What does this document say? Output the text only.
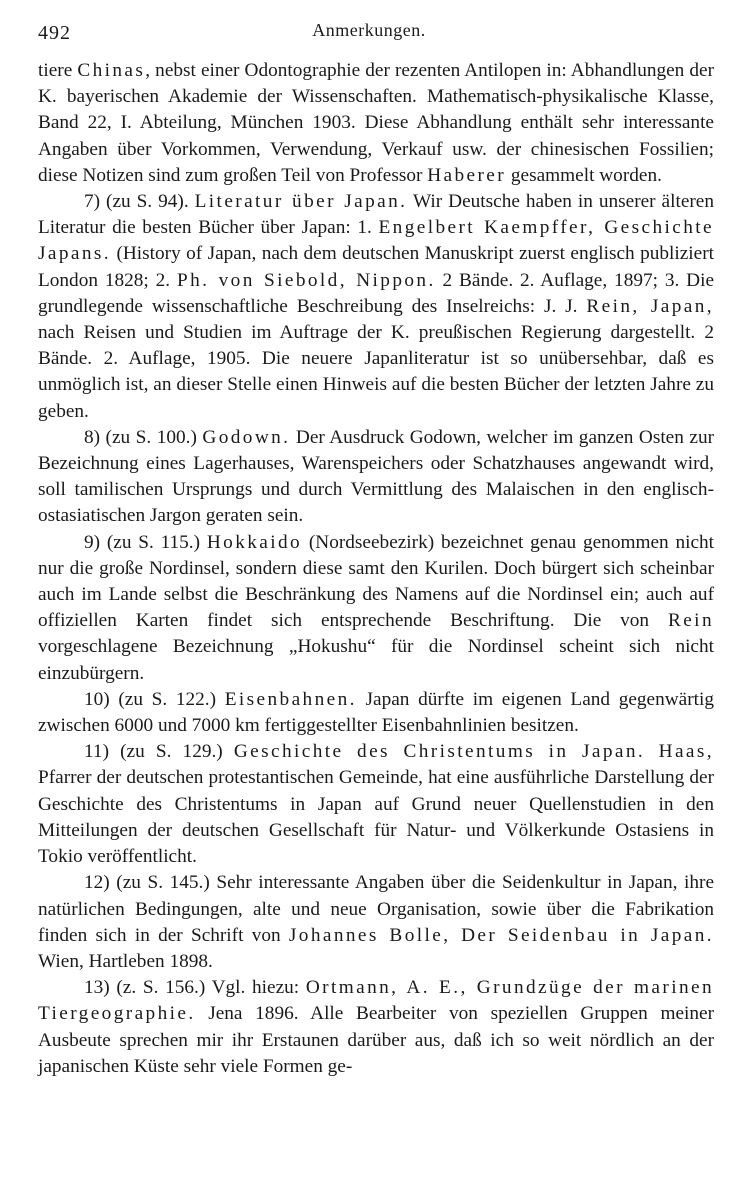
492	Anmerkungen.

tiere Chinas, nebst einer Odontographie der rezenten Antilopen in: Abhandlungen der K. bayerischen Akademie der Wissenschaften. Mathematisch-physikalische Klasse, Band 22, I. Abteilung, München 1903. Diese Abhandlung enthält sehr interessante Angaben über Vorkommen, Verwendung, Verkauf usw. der chinesischen Fossilien; diese Notizen sind zum großen Teil von Professor Haberer gesammelt worden.

7) (zu S. 94). Literatur über Japan. Wir Deutsche haben in unserer älteren Literatur die besten Bücher über Japan: 1. Engelbert Kaempffer, Geschichte Japans. (History of Japan, nach dem deutschen Manuskript zuerst englisch publiziert London 1828; 2. Ph. von Siebold, Nippon. 2 Bände. 2. Auflage, 1897; 3. Die grundlegende wissenschaftliche Beschreibung des Inselreichs: J. J. Rein, Japan, nach Reisen und Studien im Auftrage der K. preußischen Regierung dargestellt. 2 Bände. 2. Auflage, 1905. Die neuere Japanliteratur ist so unübersehbar, daß es unmöglich ist, an dieser Stelle einen Hinweis auf die besten Bücher der letzten Jahre zu geben.

8) (zu S. 100.) Godown. Der Ausdruck Godown, welcher im ganzen Osten zur Bezeichnung eines Lagerhauses, Warenspeichers oder Schatzhauses angewandt wird, soll tamilischen Ursprungs und durch Vermittlung des Malaischen in den englisch-ostasiatischen Jargon geraten sein.

9) (zu S. 115.) Hokkaido (Nordseebezirk) bezeichnet genau genommen nicht nur die große Nordinsel, sondern diese samt den Kurilen. Doch bürgert sich scheinbar auch im Lande selbst die Beschränkung des Namens auf die Nordinsel ein; auch auf offiziellen Karten findet sich entsprechende Beschriftung. Die von Rein vorgeschlagene Bezeichnung „Hokushu“ für die Nordinsel scheint sich nicht einzubürgern.

10) (zu S. 122.) Eisenbahnen. Japan dürfte im eigenen Land gegenwärtig zwischen 6000 und 7000 km fertiggestellter Eisenbahnlinien besitzen.

11) (zu S. 129.) Geschichte des Christentums in Japan. Haas, Pfarrer der deutschen protestantischen Gemeinde, hat eine ausführliche Darstellung der Geschichte des Christentums in Japan auf Grund neuer Quellenstudien in den Mitteilungen der deutschen Gesellschaft für Natur- und Völkerkunde Ostasiens in Tokio veröffentlicht.

12) (zu S. 145.) Sehr interessante Angaben über die Seidenkultur in Japan, ihre natürlichen Bedingungen, alte und neue Organisation, sowie über die Fabrikation finden sich in der Schrift von Johannes Bolle, Der Seidenbau in Japan. Wien, Hartleben 1898.

13) (z. S. 156.) Vgl. hiezu: Ortmann, A. E., Grundzüge der marinen Tiergeographie. Jena 1896. Alle Bearbeiter von speziellen Gruppen meiner Ausbeute sprechen mir ihr Erstaunen darüber aus, daß ich so weit nördlich an der japanischen Küste sehr viele Formen ge-
